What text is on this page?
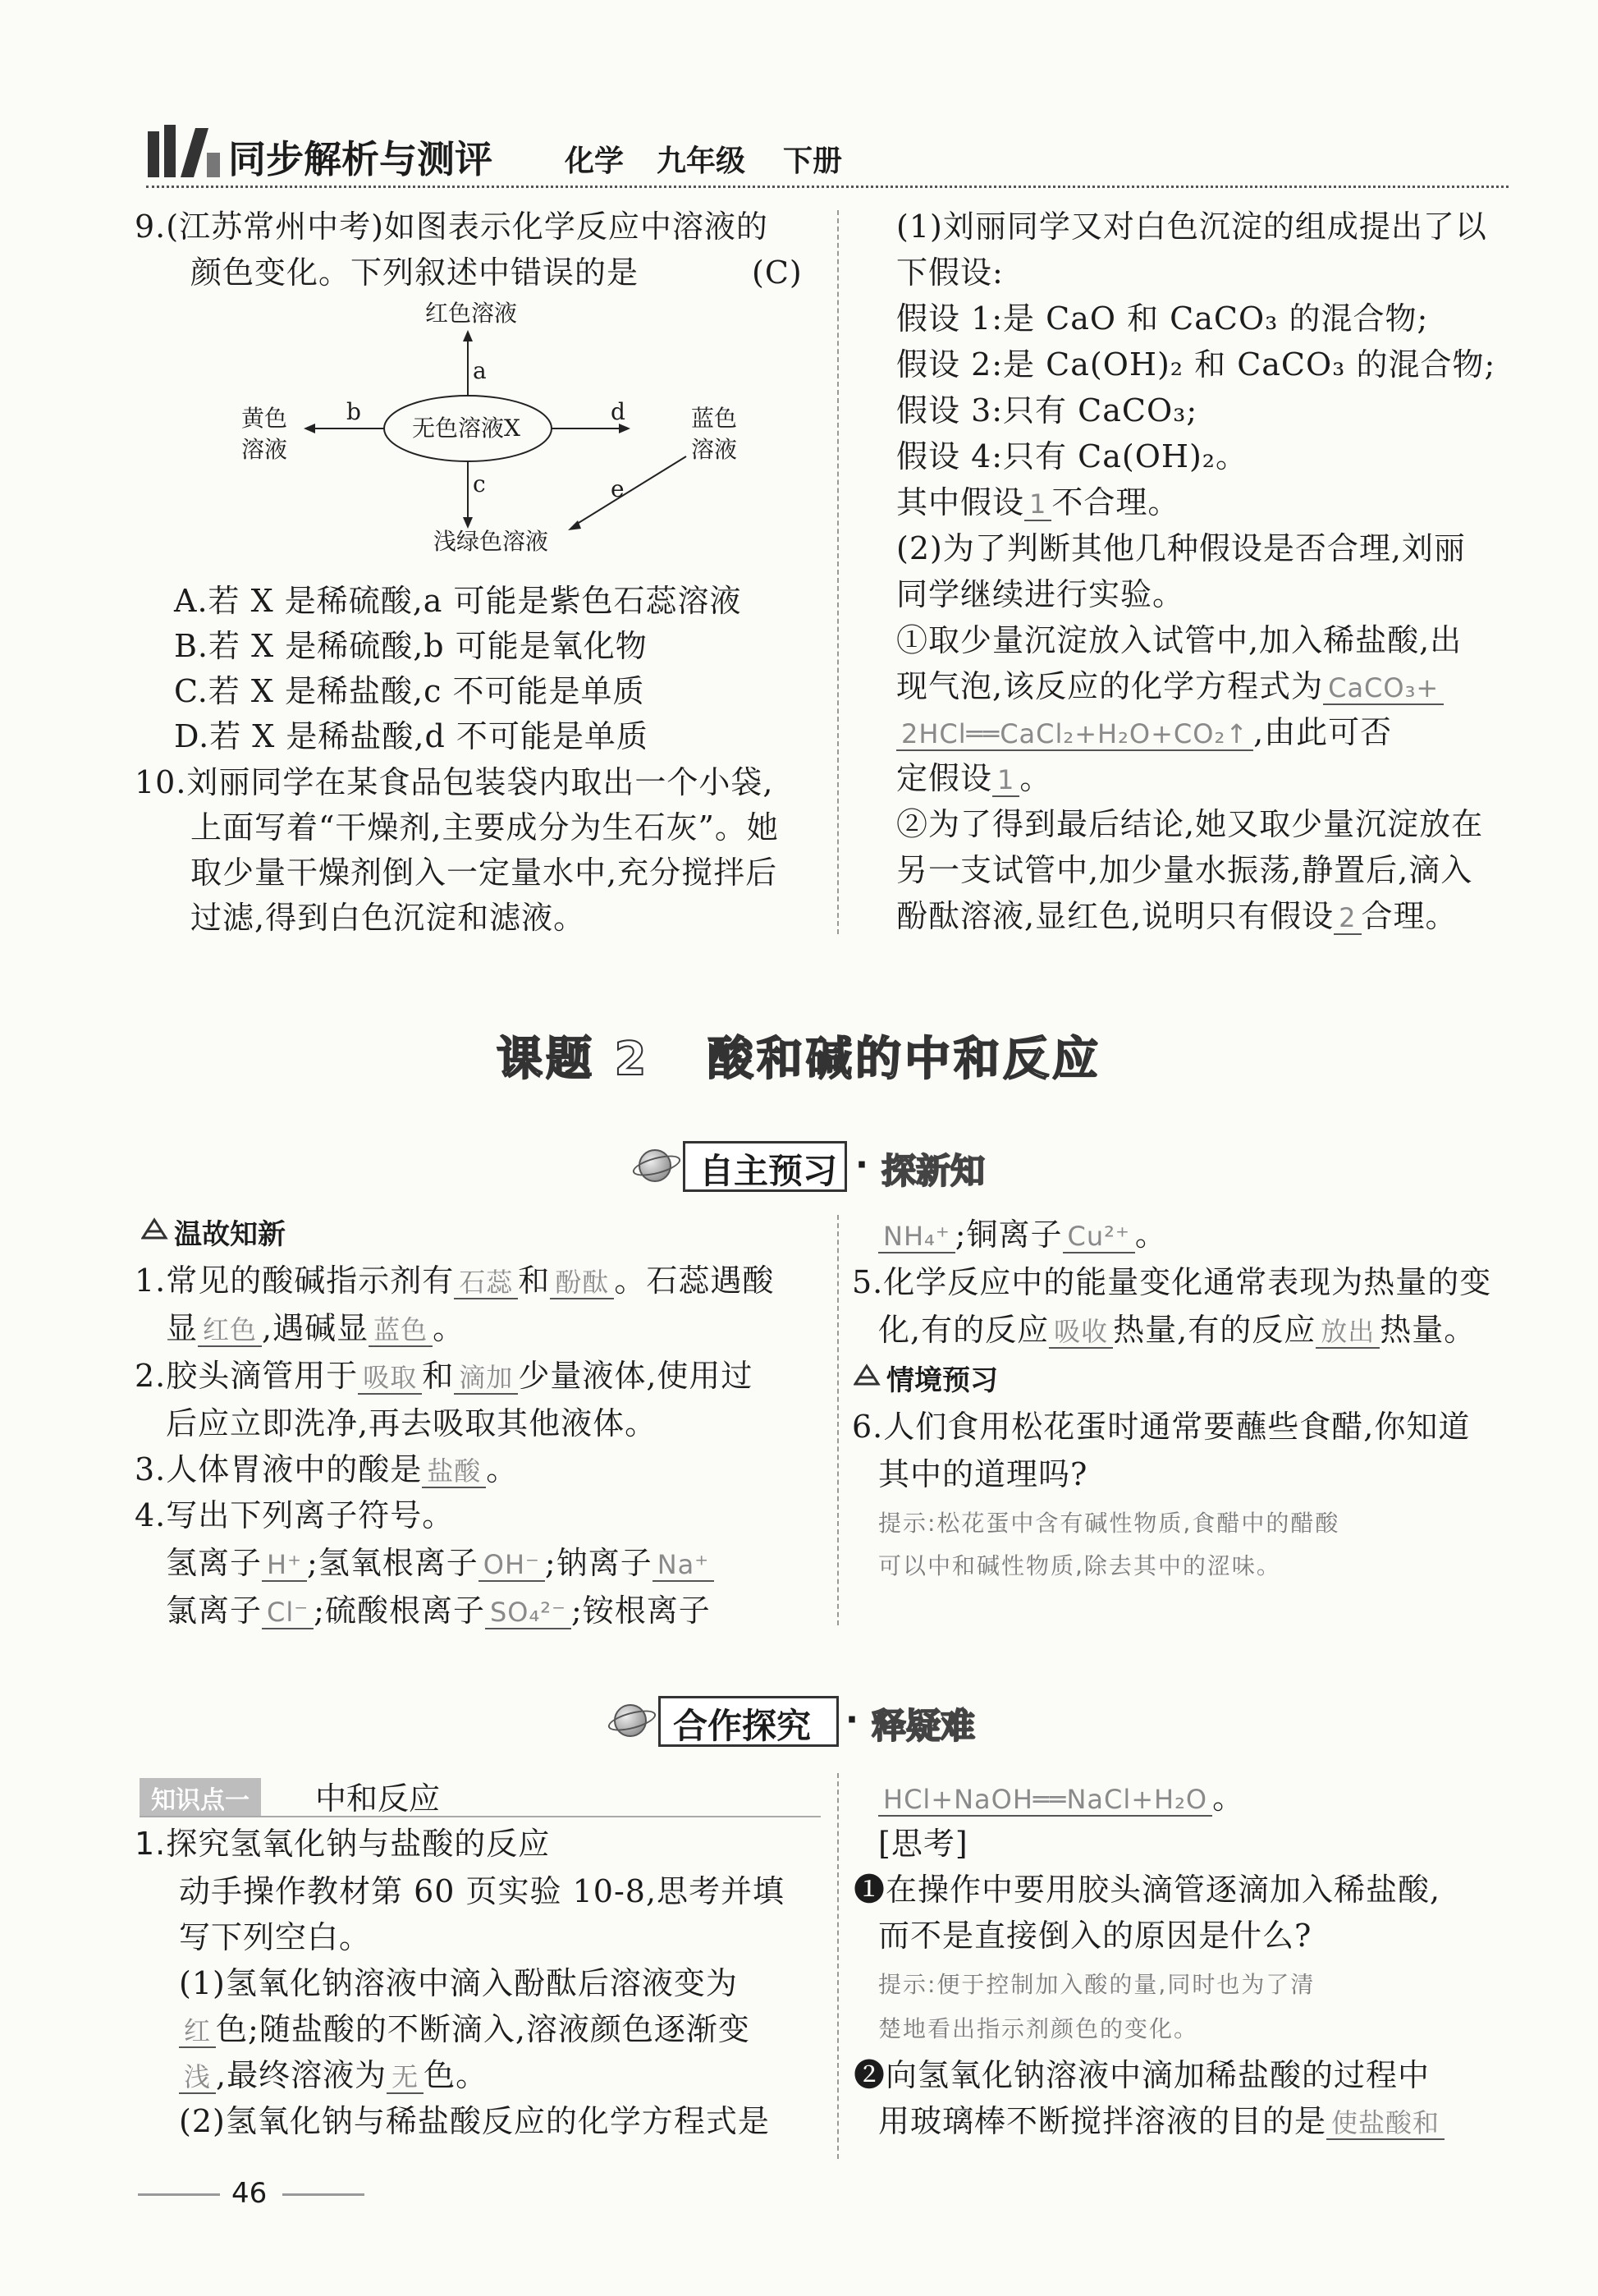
同步解析与测评 化学 九年级 下册
9.(江苏常州中考)如图表示化学反应中溶液的
颜色变化。下列叙述中错误的是	(C)
红色溶液
无色溶液X
黄色
溶液
蓝色
溶液
浅绿色溶液
a
b	d
c	e
A.若 X 是稀硫酸,a 可能是紫色石蕊溶液
B.若 X 是稀硫酸,b 可能是氧化物
C.若 X 是稀盐酸,c 不可能是单质
D.若 X 是稀盐酸,d 不可能是单质
10.刘丽同学在某食品包装袋内取出一个小袋,
上面写着“干燥剂,主要成分为生石灰”。她
取少量干燥剂倒入一定量水中,充分搅拌后
过滤,得到白色沉淀和滤液。
(1)刘丽同学又对白色沉淀的组成提出了以
下假设:
假设 1:是 CaO 和 CaCO₃ 的混合物;
假设 2:是 Ca(OH)₂ 和 CaCO₃ 的混合物;
假设 3:只有 CaCO₃;
假设 4:只有 Ca(OH)₂。
其中假设 1 不合理。
(2)为了判断其他几种假设是否合理,刘丽
同学继续进行实验。
①取少量沉淀放入试管中,加入稀盐酸,出
现气泡,该反应的化学方程式为 CaCO₃+
2HCl══CaCl₂+H₂O+CO₂↑ ,由此可否
定假设 1 。
②为了得到最后结论,她又取少量沉淀放在
另一支试管中,加少量水振荡,静置后,滴入
酚酞溶液,显红色,说明只有假设 2 合理。
课题 2   酸和碱的中和反应
自主预习 · 探新知
温故知新
1.常见的酸碱指示剂有 石蕊 和 酚酞 。石蕊遇酸
显 红色 ,遇碱显 蓝色 。
2.胶头滴管用于 吸取 和 滴加 少量液体,使用过
后应立即洗净,再去吸取其他液体。
3.人体胃液中的酸是 盐酸 。
4.写出下列离子符号。
氢离子 H⁺ ;氢氧根离子 OH⁻ ;钠离子 Na⁺
氯离子 Cl⁻ ;硫酸根离子 SO₄²⁻ ;铵根离子
NH₄⁺ ;铜离子 Cu²⁺ 。
5.化学反应中的能量变化通常表现为热量的变
化,有的反应 吸收 热量,有的反应 放出 热量。
情境预习
6.人们食用松花蛋时通常要蘸些食醋,你知道
其中的道理吗?
提示:松花蛋中含有碱性物质,食醋中的醋酸
可以中和碱性物质,除去其中的涩味。
合作探究 · 释疑难
知识点一	中和反应
1.探究氢氧化钠与盐酸的反应
动手操作教材第 60 页实验 10-8,思考并填
写下列空白。
(1)氢氧化钠溶液中滴入酚酞后溶液变为
红 色;随盐酸的不断滴入,溶液颜色逐渐变
浅 ,最终溶液为 无 色。
(2)氢氧化钠与稀盐酸反应的化学方程式是
HCl+NaOH══NaCl+H₂O 。
[思考]
❶在操作中要用胶头滴管逐滴加入稀盐酸,
而不是直接倒入的原因是什么?
提示:便于控制加入酸的量,同时也为了清
楚地看出指示剂颜色的变化。
❷向氢氧化钠溶液中滴加稀盐酸的过程中
用玻璃棒不断搅拌溶液的目的是 使盐酸和
46
